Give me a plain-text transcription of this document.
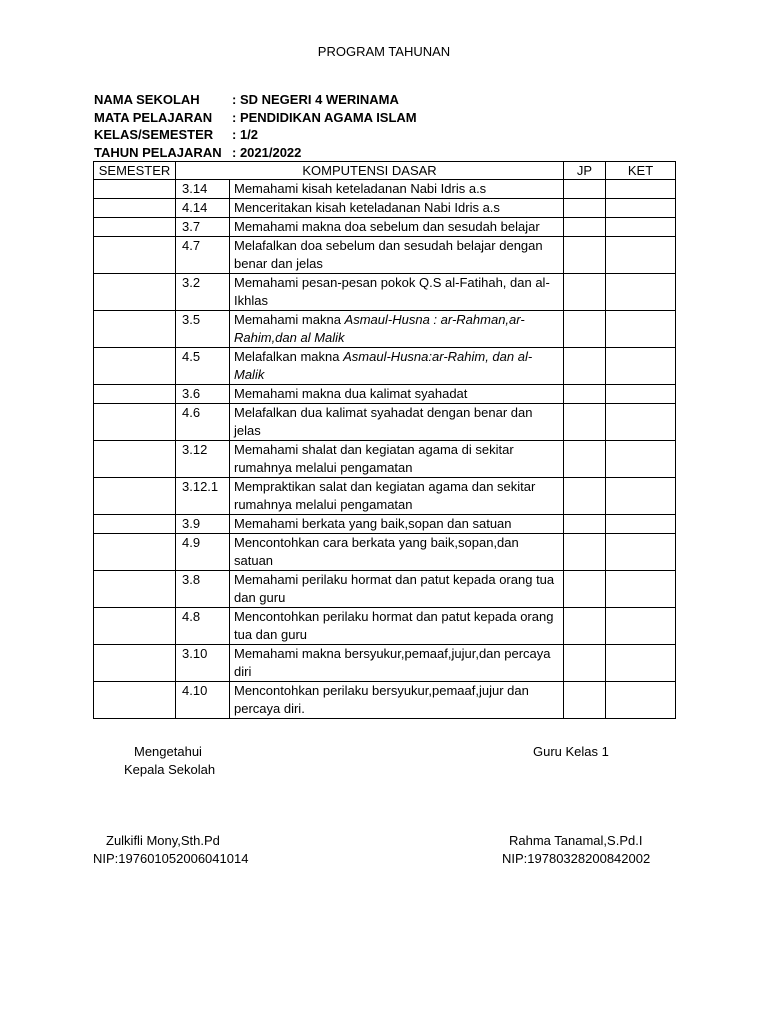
PROGRAM TAHUNAN
NAMA SEKOLAH	: SD NEGERI 4 WERINAMA
MATA PELAJARAN	: PENDIDIKAN AGAMA ISLAM
KELAS/SEMESTER	: 1/2
TAHUN PELAJARAN : 2021/2022
SEMESTER	KOMPUTENSI DASAR		JP	KET
	3.14	Memahami kisah keteladanan Nabi Idris a.s		
	4.14	Menceritakan kisah keteladanan Nabi Idris a.s		
	3.7	Memahami makna doa sebelum dan sesudah belajar		
	4.7	Melafalkan doa sebelum dan sesudah belajar dengan benar dan jelas		
	3.2	Memahami pesan-pesan pokok Q.S al-Fatihah, dan al-Ikhlas		
	3.5	Memahami makna Asmaul-Husna : ar-Rahman,ar-Rahim,dan al Malik		
	4.5	Melafalkan makna Asmaul-Husna:ar-Rahim, dan al-Malik		
	3.6	Memahami makna dua kalimat syahadat		
	4.6	Melafalkan dua kalimat syahadat dengan benar dan jelas		
	3.12	Memahami shalat dan kegiatan agama di sekitar rumahnya melalui pengamatan		
	3.12.1	Mempraktikan salat dan kegiatan agama dan sekitar rumahnya melalui pengamatan		
	3.9	Memahami berkata yang baik,sopan dan satuan		
	4.9	Mencontohkan cara berkata yang baik,sopan,dan satuan		
	3.8	Memahami perilaku hormat dan patut kepada orang tua dan guru		
	4.8	Mencontohkan perilaku hormat dan patut kepada orang tua dan guru		
	3.10	Memahami makna bersyukur,pemaaf,jujur,dan percaya diri		
	4.10	Mencontohkan perilaku bersyukur,pemaaf,jujur dan percaya diri.		
Mengetahui
Kepala Sekolah
Guru Kelas 1
Zulkifli Mony,Sth.Pd
NIP:197601052006041014
Rahma Tanamal,S.Pd.I
NIP:19780328200842002
